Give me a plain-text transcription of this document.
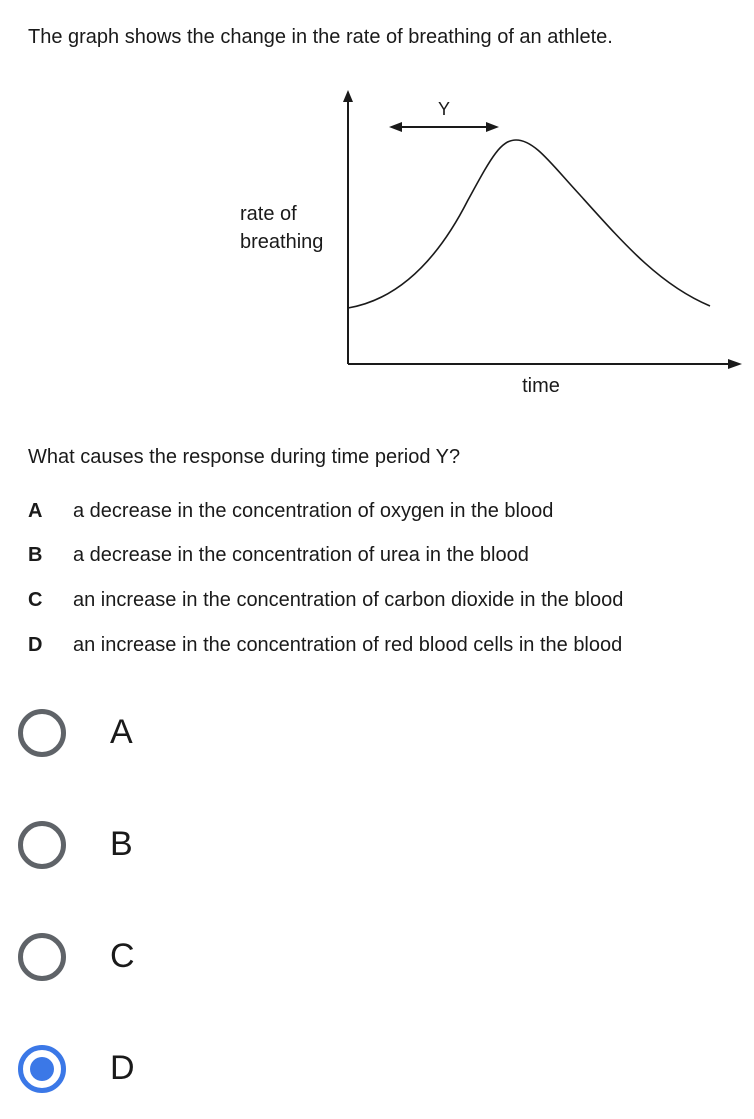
The graph shows the change in the rate of breathing of an athlete.
Y
rate of
breathing
time
What causes the response during time period Y?
A a decrease in the concentration of oxygen in the blood
B a decrease in the concentration of urea in the blood
C an increase in the concentration of carbon dioxide in the blood
D an increase in the concentration of red blood cells in the blood
A
B
C
D
